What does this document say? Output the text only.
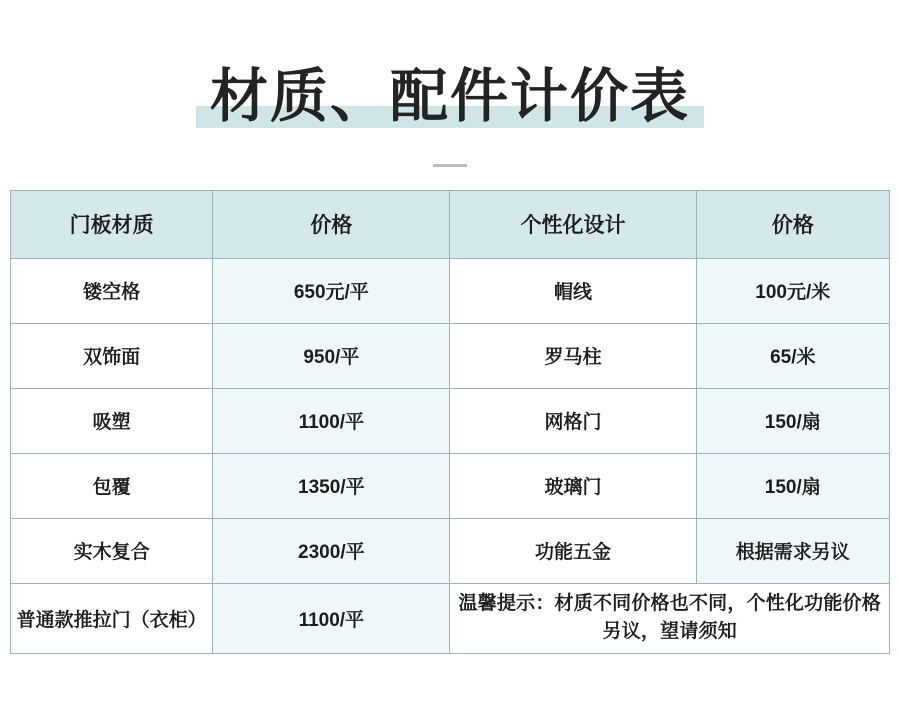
材质、配件计价表
门板材质	价格	个性化设计	价格
镂空格	650元/平	帽线	100元/米
双饰面	950/平	罗马柱	65/米
吸塑	1100/平	网格门	150/扇
包覆	1350/平	玻璃门	150/扇
实木复合	2300/平	功能五金	根据需求另议
普通款推拉门（衣柜）	1100/平	温馨提示：材质不同价格也不同，个性化功能价格另议，望请须知	
